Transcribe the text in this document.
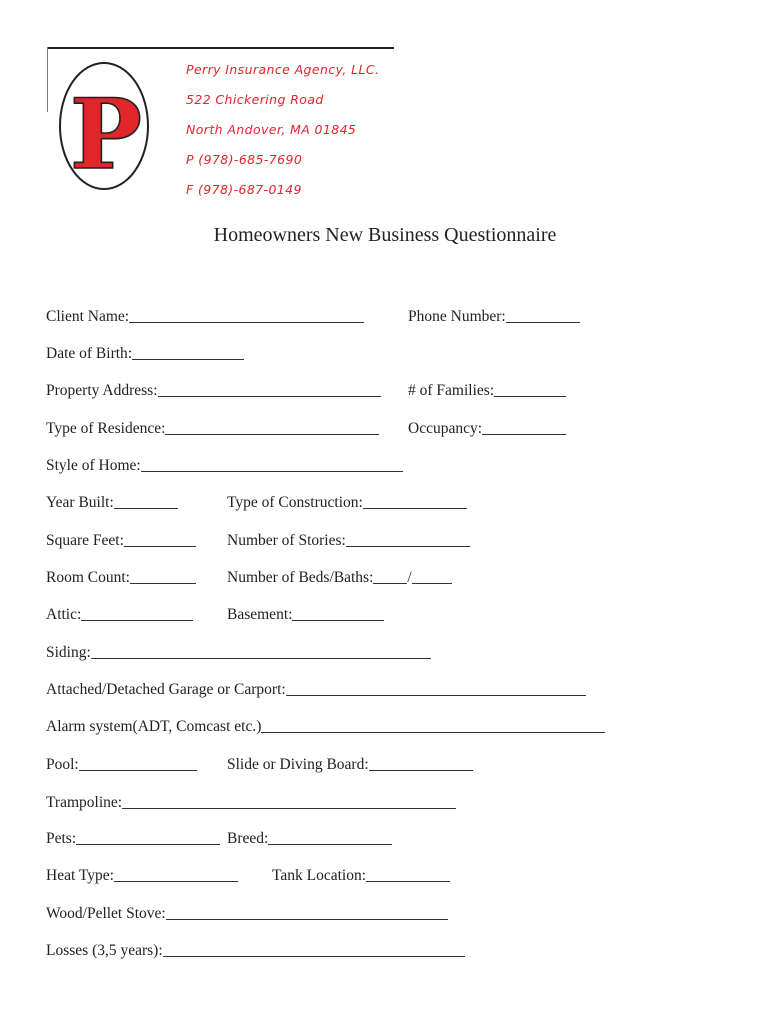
P
Perry Insurance Agency, LLC.
522 Chickering Road
North Andover, MA 01845
P (978)-685-7690
F (978)-687-0149
Homeowners New Business Questionnaire
Client Name:	Phone Number:
Date of Birth:
Property Address:	# of Families:
Type of Residence:	Occupancy:
Style of Home:
Year Built:	Type of Construction:
Square Feet:	Number of Stories:
Room Count:	Number of Beds/Baths: /
Attic:	Basement:
Siding:
Attached/Detached Garage or Carport:
Alarm system(ADT, Comcast etc.)
Pool:	Slide or Diving Board:
Trampoline:
Pets:	Breed:
Heat Type:	Tank Location:
Wood/Pellet Stove:
Losses (3,5 years):
